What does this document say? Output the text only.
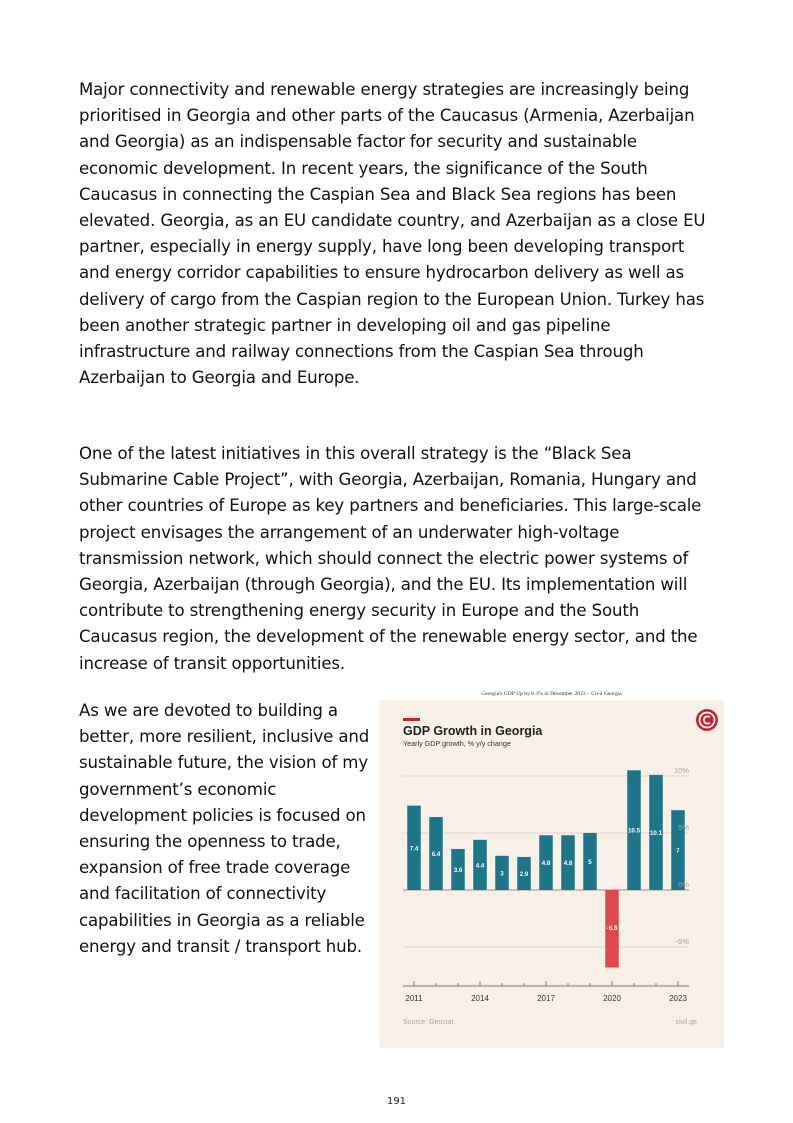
Major connectivity and renewable energy strategies are increasingly being prioritised in Georgia and other parts of the Caucasus (Armenia, Azerbaijan and Georgia) as an indispensable factor for security and sustainable economic development. In recent years, the significance of the South Caucasus in connecting the Caspian Sea and Black Sea regions has been elevated. Georgia, as an EU candidate country, and Azerbaijan as a close EU partner, especially in energy supply, have long been developing transport and energy corridor capabilities to ensure hydrocarbon delivery as well as delivery of cargo from the Caspian region to the European Union. Turkey has been another strategic partner in developing oil and gas pipeline infrastructure and railway connections from the Caspian Sea through Azerbaijan to Georgia and Europe.

One of the latest initiatives in this overall strategy is the “Black Sea Submarine Cable Project”, with Georgia, Azerbaijan, Romania, Hungary and other countries of Europe as key partners and beneficiaries. This large-scale project envisages the arrangement of an underwater high-voltage transmission network, which should connect the electric power systems of Georgia, Azerbaijan (through Georgia), and the EU. Its implementation will contribute to strengthening energy security in Europe and the South Caucasus region, the development of the renewable energy sector, and the increase of transit opportunities.

As we are devoted to building a better, more resilient, inclusive and sustainable future, the vision of my government’s economic development policies is focused on ensuring the openness to trade, expansion of free trade coverage and facilitation of connectivity capabilities in Georgia as a reliable energy and transit / transport hub.

Georgia's GDP Up by 8.3% in December 2023 – Civil Georgia
7.4
6.4
3.6
4.4
3	2.9
4.8 4.8	5
-6.8
10.5 10.1
7
10%
5%
0%
-5%
2011	2014	2017	2020	2023
GDP Growth in Georgia
Yearly GDP growth, % y/y change
Source: Geostat	civil.ge
191
